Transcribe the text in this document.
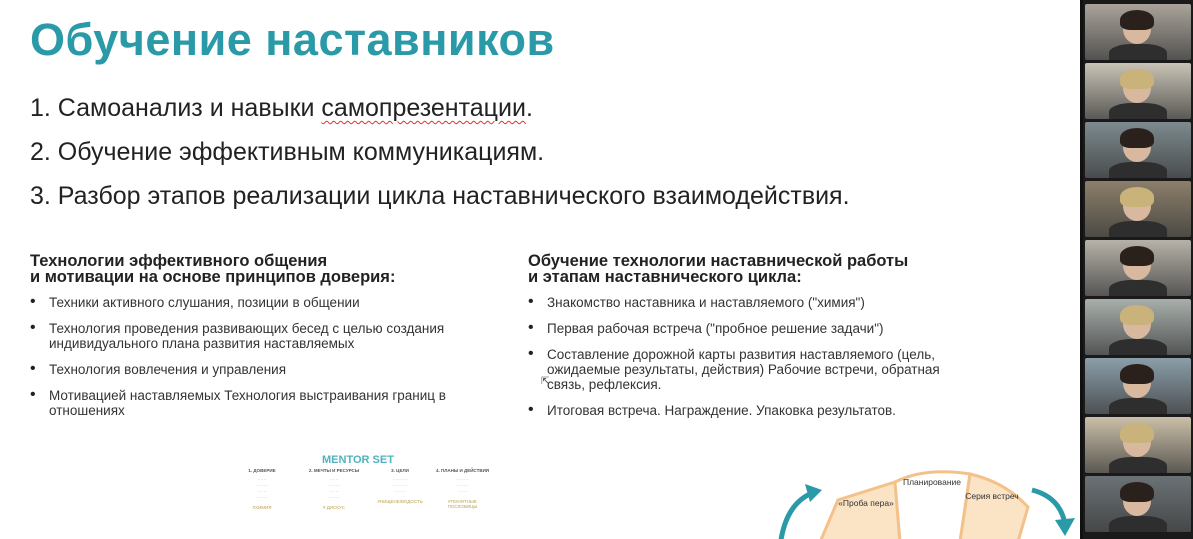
Обучение наставников
1. Самоанализ и навыки самопрезентации.
2. Обучение эффективным коммуникациям.
3. Разбор этапов реализации цикла наставнического взаимодействия.
Технологии эффективного общения
и мотивации на основе принципов доверия:
• Техники активного слушания, позиции в общении
• Технология проведения развивающих бесед с целью создания индивидуального плана развития наставляемых
• Технология вовлечения и управления
• Мотивацией наставляемых Технология выстраивания границ в отношениях
Обучение технологии наставнической работы
и этапам наставнического цикла:
• Знакомство наставника и наставляемого ("химия")
• Первая рабочая встреча ("пробное решение задачи")
• Составление дорожной карты развития наставляемого (цель, ожидаемые результаты, действия) Рабочие встречи, обратная связь, рефлексия.
• Итоговая встреча. Награждение. Упаковка результатов.
⇱
MENTOR SET
1. ДОВЕРИЕ
······
········
······
········
#ХИМИЯ
2. МЕЧТЫ И РЕСУРСЫ
······
········
······
········
# ДИСКУС
3. ЦЕЛИ
··········
··········
········
#НИЩЕНЕ/ВОДОСТЬ
4. ПЛАНЫ И ДЕЙСТВИЯ
········
········
······
#ПОНЯТНЫЕ ПОСЛОВИЦЫ	«Проба пера»
Планирование
Серия встреч
